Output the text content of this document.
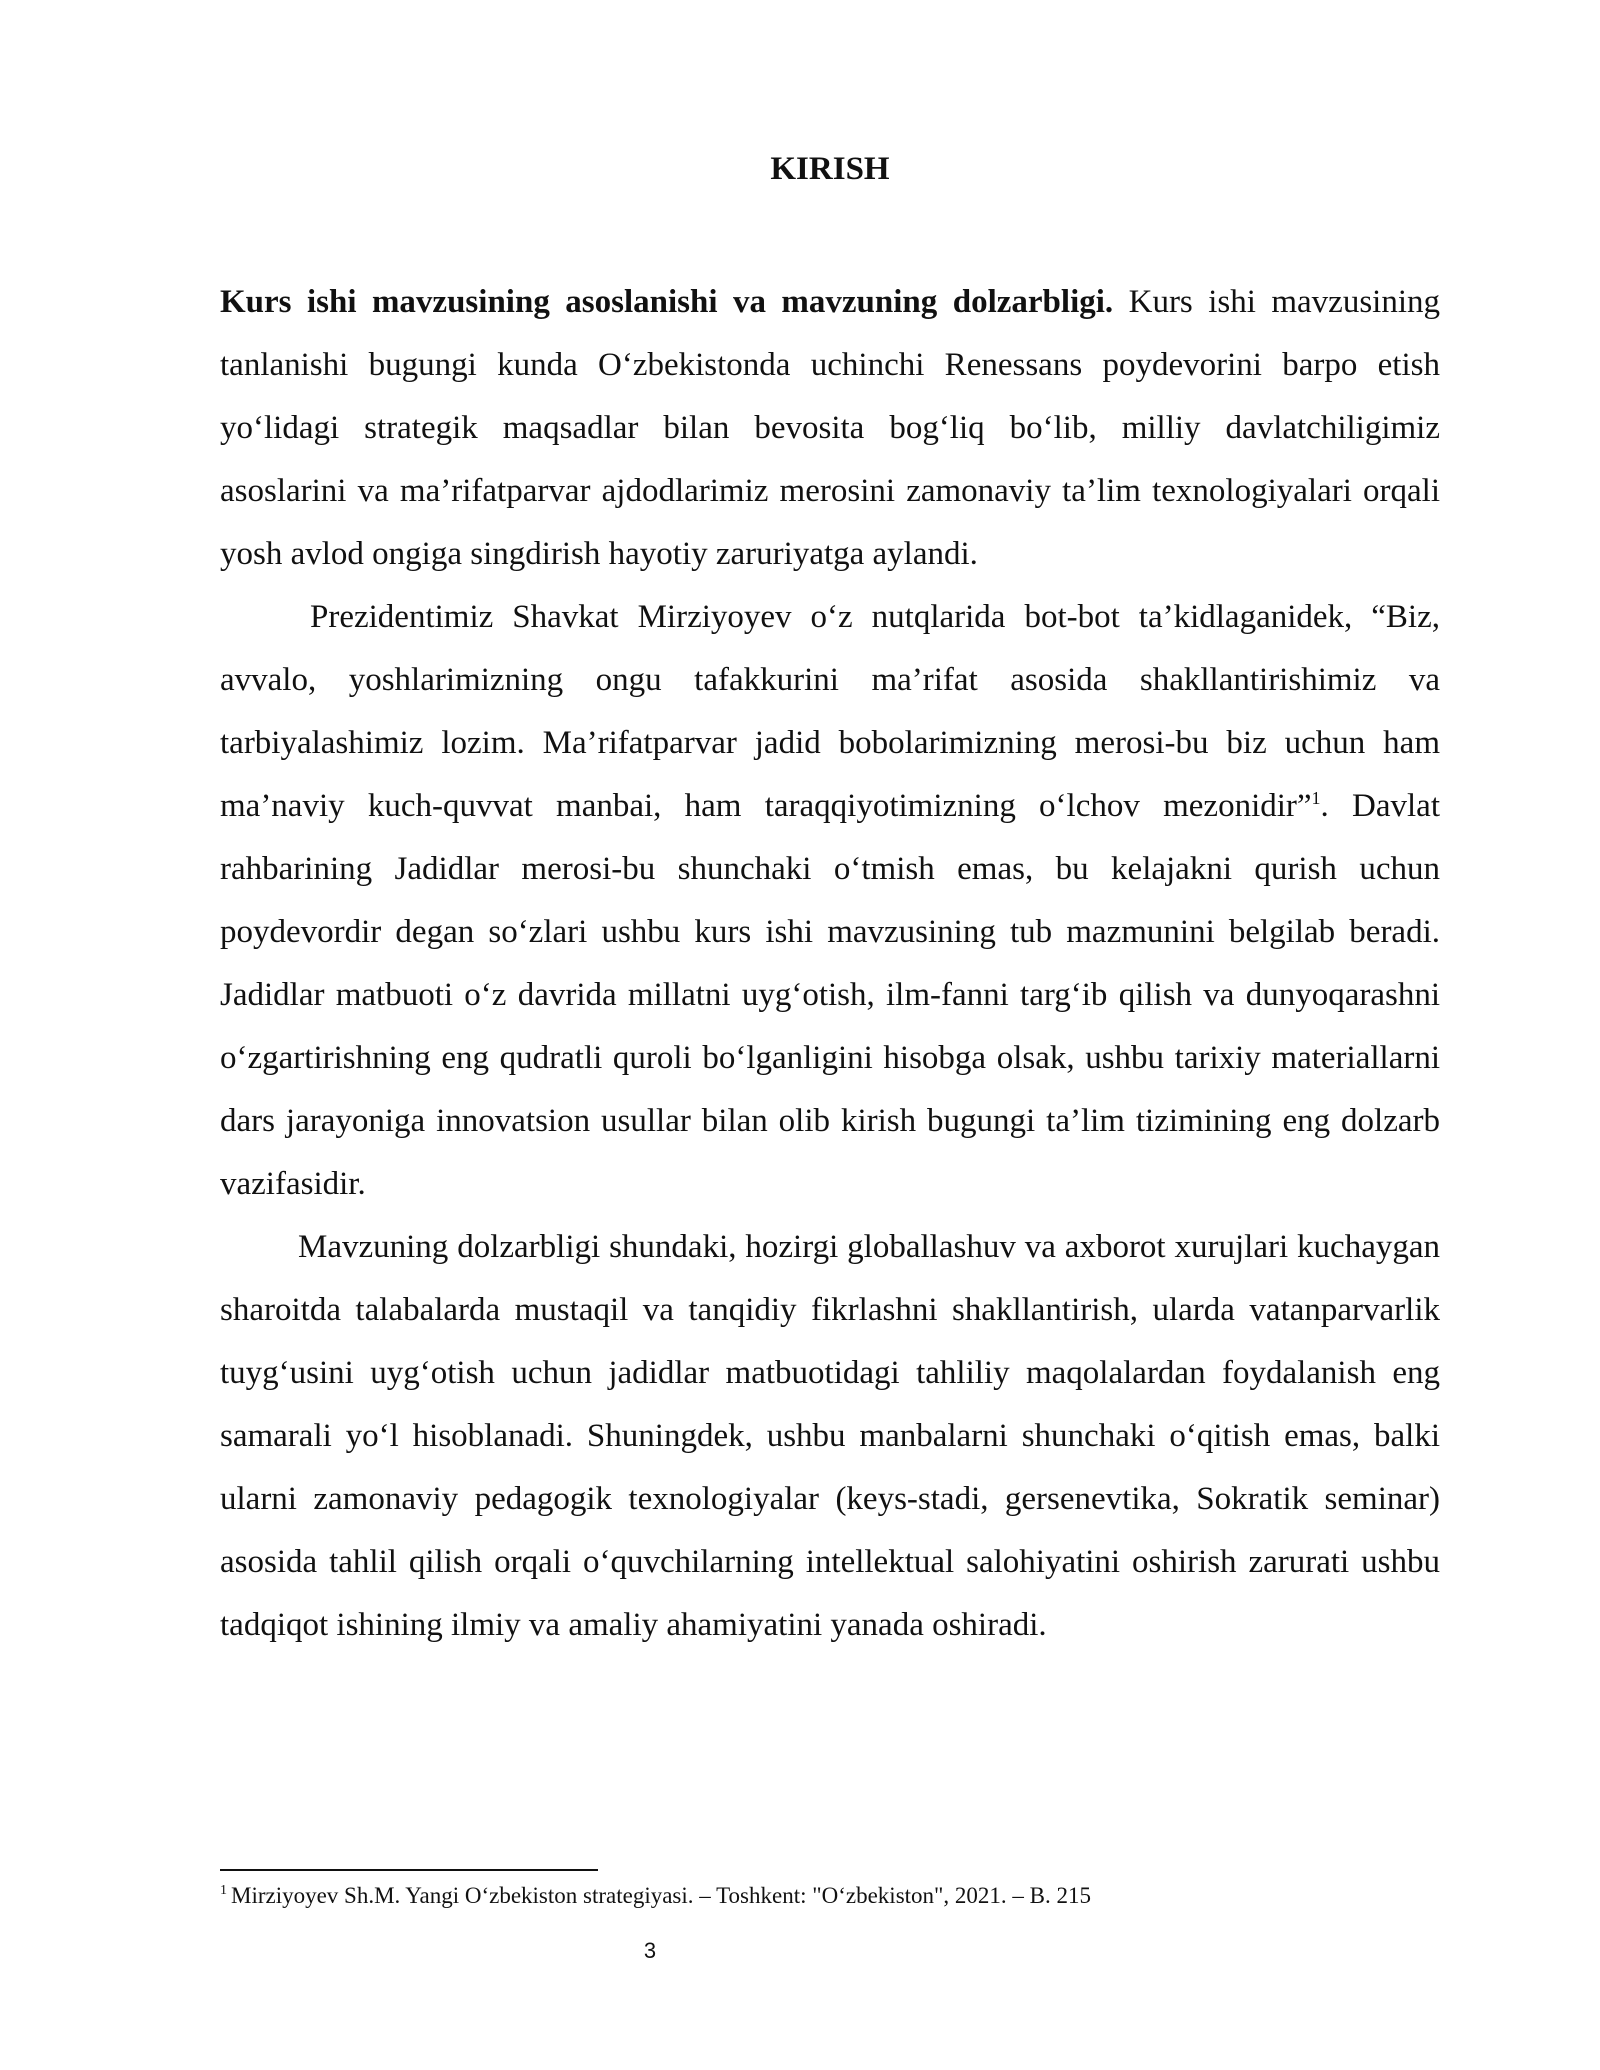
KIRISH

Kurs ishi mavzusining asoslanishi va mavzuning dolzarbligi. Kurs ishi mavzusining tanlanishi bugungi kunda O‘zbekistonda uchinchi Renessans poydevorini barpo etish yo‘lidagi strategik maqsadlar bilan bevosita bog‘liq bo‘lib, milliy davlatchiligimiz asoslarini va ma’rifatparvar ajdodlarimiz merosini zamonaviy ta’lim texnologiyalari orqali yosh avlod ongiga singdirish hayotiy zaruriyatga aylandi.

Prezidentimiz Shavkat Mirziyoyev o‘z nutqlarida bot-bot ta’kidlaganidek, “Biz, avvalo, yoshlarimizning ongu tafakkurini ma’rifat asosida shakllantirishimiz va tarbiyalashimiz lozim. Ma’rifatparvar jadid bobolarimizning merosi-bu biz uchun ham ma’naviy kuch-quvvat manbai, ham taraqqiyotimizning o‘lchov mezonidir”$^1$. Davlat rahbarining Jadidlar merosi-bu shunchaki o‘tmish emas, bu kelajakni qurish uchun poydevordir degan so‘zlari ushbu kurs ishi mavzusining tub mazmunini belgilab beradi. Jadidlar matbuoti o‘z davrida millatni uyg‘otish, ilm-fanni targ‘ib qilish va dunyoqarashni o‘zgartirishning eng qudratli quroli bo‘lganligini hisobga olsak, ushbu tarixiy materiallarni dars jarayoniga innovatsion usullar bilan olib kirish bugungi ta’lim tizimining eng dolzarb vazifasidir.

Mavzuning dolzarbligi shundaki, hozirgi globallashuv va axborot xurujlari kuchaygan sharoitda talabalarda mustaqil va tanqidiy fikrlashni shakllantirish, ularda vatanparvarlik tuyg‘usini uyg‘otish uchun jadidlar matbuotidagi tahliliy maqolalardan foydalanish eng samarali yo‘l hisoblanadi. Shuningdek, ushbu manbalarni shunchaki o‘qitish emas, balki ularni zamonaviy pedagogik texnologiyalar (keys-stadi, gersenevtika, Sokratik seminar) asosida tahlil qilish orqali o‘quvchilarning intellektual salohiyatini oshirish zarurati ushbu tadqiqot ishining ilmiy va amaliy ahamiyatini yanada oshiradi.

$^1$ Mirziyoyev Sh.M. Yangi O‘zbekiston strategiyasi. – Toshkent: "O‘zbekiston", 2021. – B. 215

3
